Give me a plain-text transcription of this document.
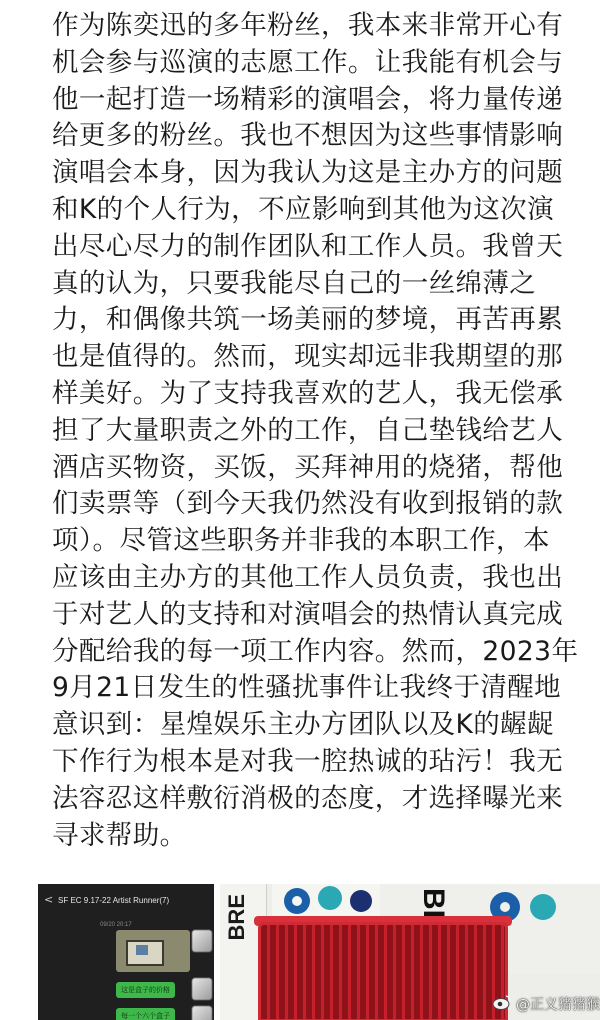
作为陈奕迅的多年粉丝，我本来非常开心有
机会参与巡演的志愿工作。让我能有机会与
他一起打造一场精彩的演唱会，将力量传递
给更多的粉丝。我也不想因为这些事情影响
演唱会本身，因为我认为这是主办方的问题
和K的个人行为，不应影响到其他为这次演
出尽心尽力的制作团队和工作人员。我曾天
真的认为，只要我能尽自己的一丝绵薄之
力，和偶像共筑一场美丽的梦境，再苦再累
也是值得的。然而，现实却远非我期望的那
样美好。为了支持我喜欢的艺人，我无偿承
担了大量职责之外的工作，自己垫钱给艺人
酒店买物资，买饭，买拜神用的烧猪，帮他
们卖票等（到今天我仍然没有收到报销的款
项）。尽管这些职务并非我的本职工作，本
应该由主办方的其他工作人员负责，我也出
于对艺人的支持和对演唱会的热情认真完成
分配给我的每一项工作内容。然而，2023年
9月21日发生的性骚扰事件让我终于清醒地
意识到：星煌娱乐主办方团队以及K的龌龊
下作行为根本是对我一腔热诚的玷污！我无
法容忍这样敷衍消极的态度，才选择曝光来
寻求帮助。
< SF EC 9.17-22 Artist Runner(7)
09/20 20:17
这是盒子的价格
每一个六个盒子
BRE
@正义猪猪猴
